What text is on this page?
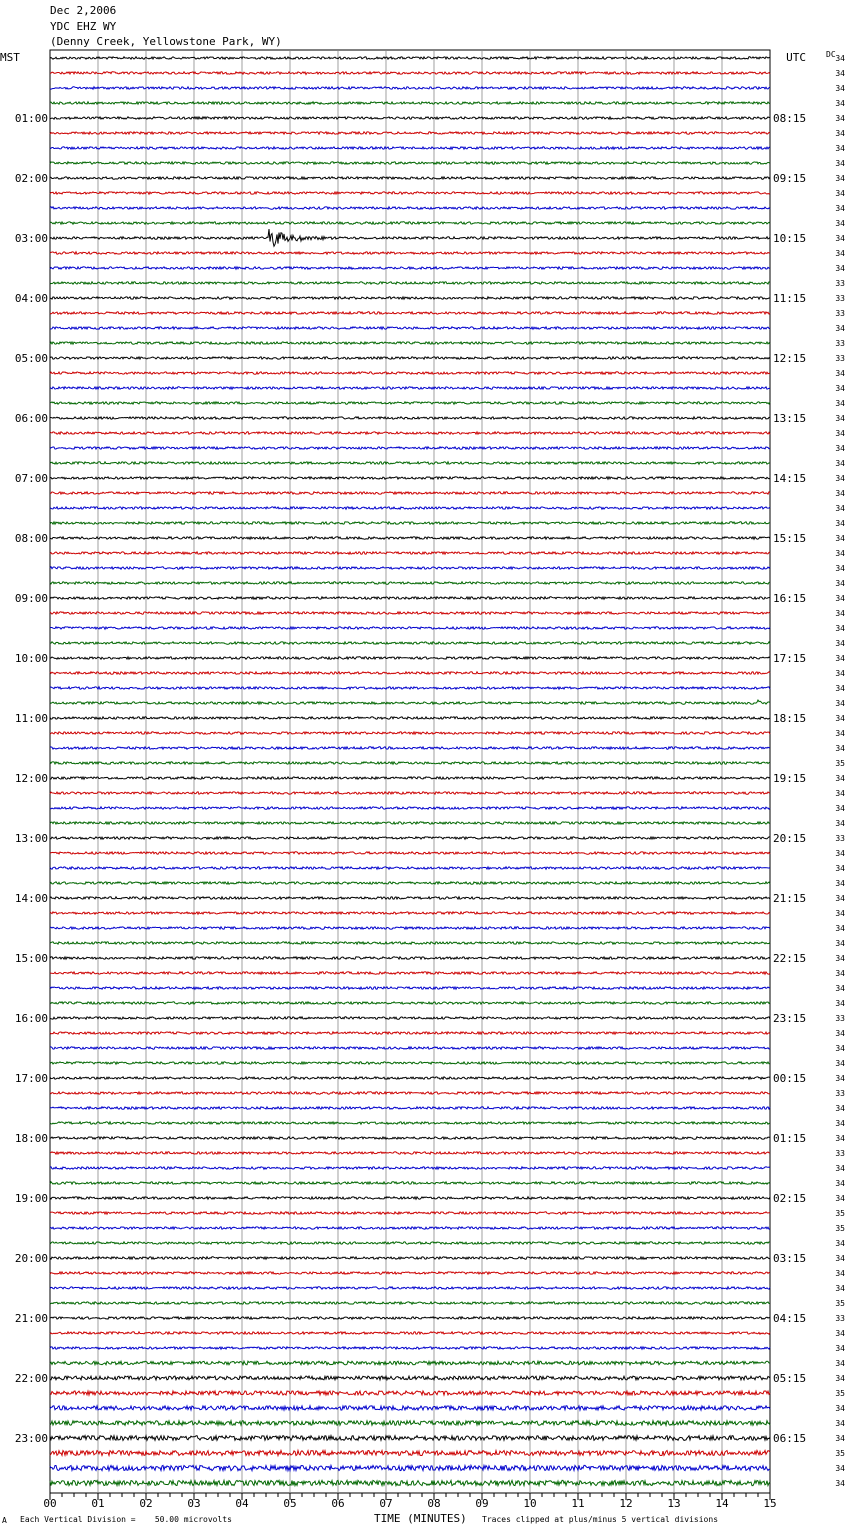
Dec 2,2006
YDC EHZ WY
(Denny Creek, Yellowstone Park, WY)
00	01	02	03	04	05	06	07	08	09	10	11	12	13	14	15
34
34
34
34
34
34
34
34
34
34
34
34
34
34
34
33
33
33
34
33
33
34
34
34
34
34
34
34
34
34
34
34
34
34
34
34
34
34
34
34
34
34
34
34
34
34
34
35
34
34
34
34
33
34
34
34
34
34
34
34
34
34
34
34
33
34
34
34
34
33
34
34
34
33
34
34
34
35
35
34
34
34
34
35
33
34
34
34
34
35
34
34
34
35
34
34
MST	UTC	DC
01:00
02:00
03:00
04:00
05:00
06:00
07:00
08:00
09:00
10:00
11:00
12:00
13:00
14:00
15:00
16:00
17:00
18:00
19:00
20:00
21:00
22:00
23:00
08:15
09:15
10:15
11:15
12:15
13:15
14:15
15:15
16:15
17:15
18:15
19:15
20:15
21:15
22:15
23:15
00:15
01:15
02:15
03:15
04:15
05:15
06:15
A Each Vertical Division =    50.00 microvolts	TIME (MINUTES) Traces clipped at plus/minus 5 vertical divisions
